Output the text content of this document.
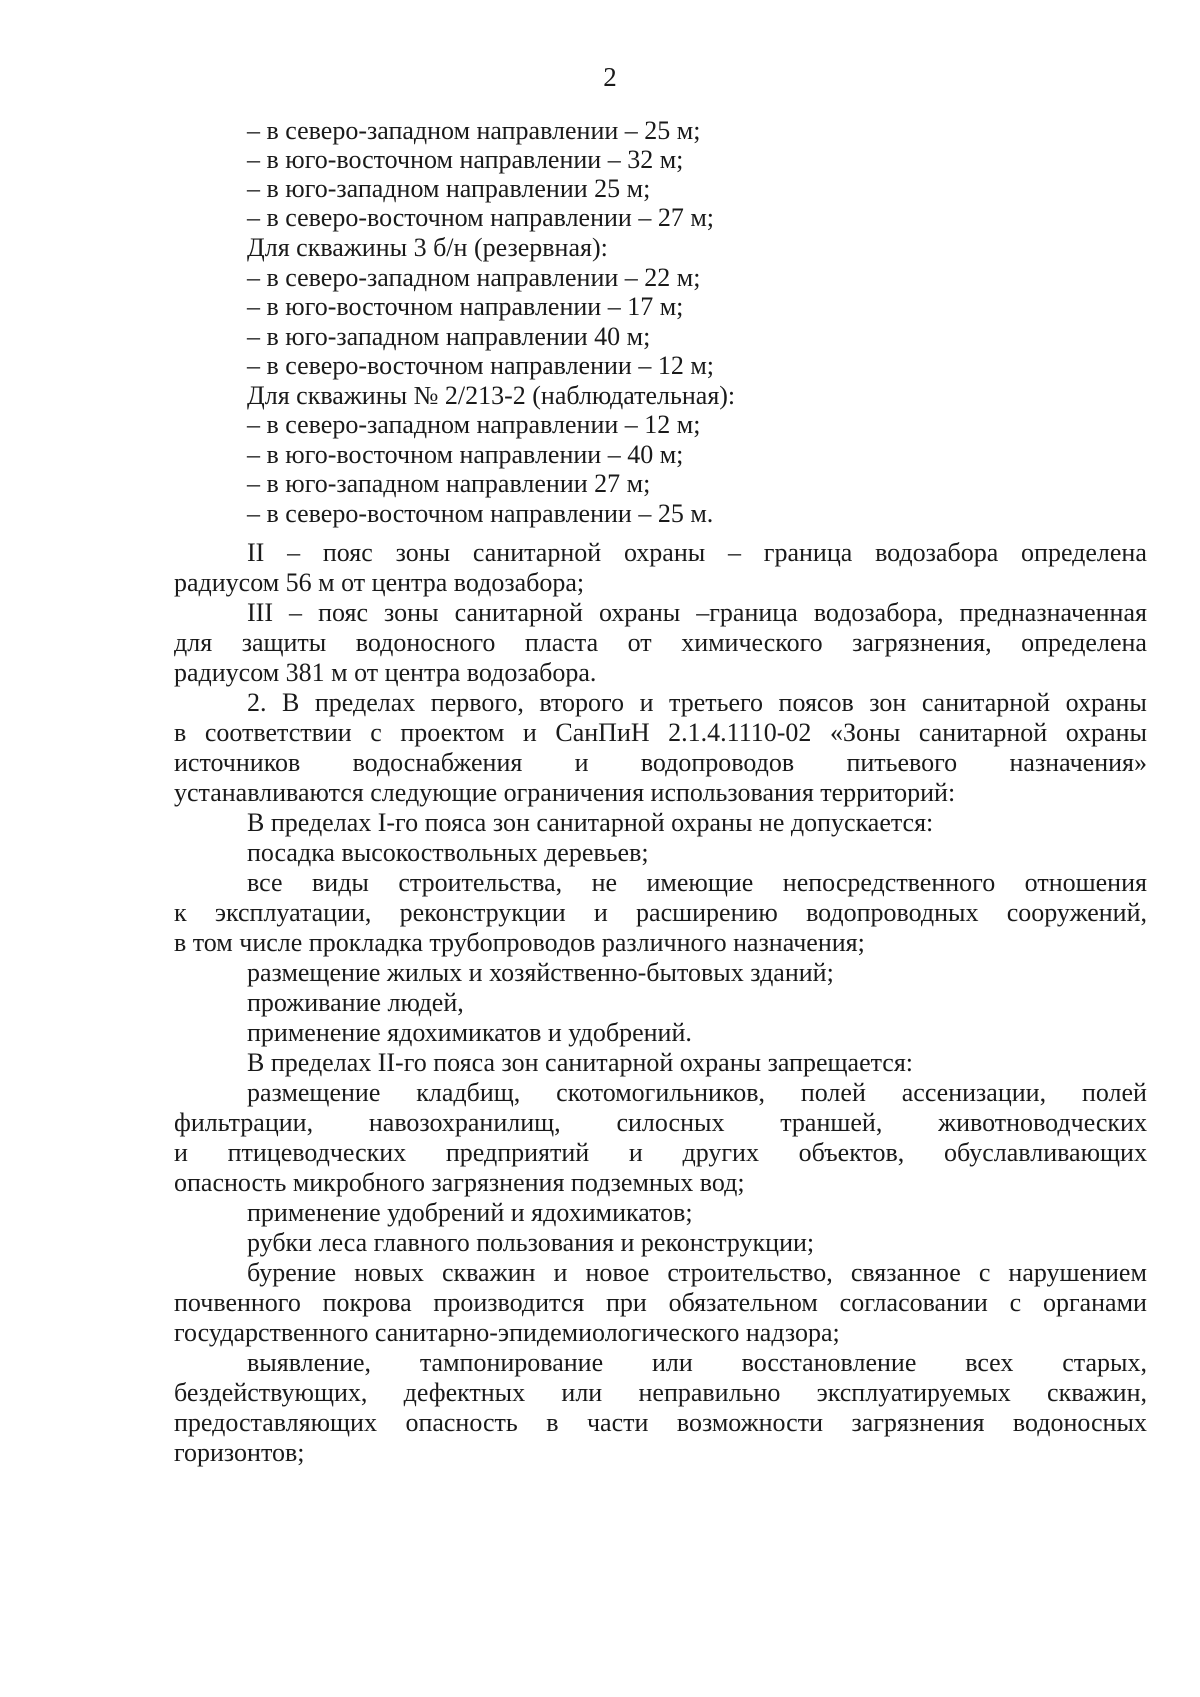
2
– в северо-западном направлении – 25 м;
– в юго-восточном направлении – 32 м;
– в юго-западном направлении 25 м;
– в северо-восточном направлении – 27 м;
Для скважины 3 б/н (резервная):
– в северо-западном направлении – 22 м;
– в юго-восточном направлении – 17 м;
– в юго-западном направлении 40 м;
– в северо-восточном направлении – 12 м;
Для скважины № 2/213-2 (наблюдательная):
– в северо-западном направлении – 12 м;
– в юго-восточном направлении – 40 м;
– в юго-западном направлении 27 м;
– в северо-восточном направлении – 25 м.
II – пояс зоны санитарной охраны – граница водозабора определена
радиусом 56 м от центра водозабора;
III – пояс зоны санитарной охраны –граница водозабора, предназначенная
для защиты водоносного пласта от химического загрязнения, определена
радиусом 381 м от центра водозабора.
2. В пределах первого, второго и третьего поясов зон санитарной охраны
в соответствии с проектом и СанПиН 2.1.4.1110-02 «Зоны санитарной охраны
источников водоснабжения и водопроводов питьевого назначения»
устанавливаются следующие ограничения использования территорий:
В пределах I-го пояса зон санитарной охраны не допускается:
посадка высокоствольных деревьев;
все виды строительства, не имеющие непосредственного отношения
к эксплуатации, реконструкции и расширению водопроводных сооружений,
в том числе прокладка трубопроводов различного назначения;
размещение жилых и хозяйственно-бытовых зданий;
проживание людей,
применение ядохимикатов и удобрений.
В пределах II-го пояса зон санитарной охраны запрещается:
размещение кладбищ, скотомогильников, полей ассенизации, полей
фильтрации, навозохранилищ, силосных траншей, животноводческих
и птицеводческих предприятий и других объектов, обуславливающих
опасность микробного загрязнения подземных вод;
применение удобрений и ядохимикатов;
рубки леса главного пользования и реконструкции;
бурение новых скважин и новое строительство, связанное с нарушением
почвенного покрова производится при обязательном согласовании с органами
государственного санитарно-эпидемиологического надзора;
выявление, тампонирование или восстановление всех старых,
бездействующих, дефектных или неправильно эксплуатируемых скважин,
предоставляющих опасность в части возможности загрязнения водоносных
горизонтов;
